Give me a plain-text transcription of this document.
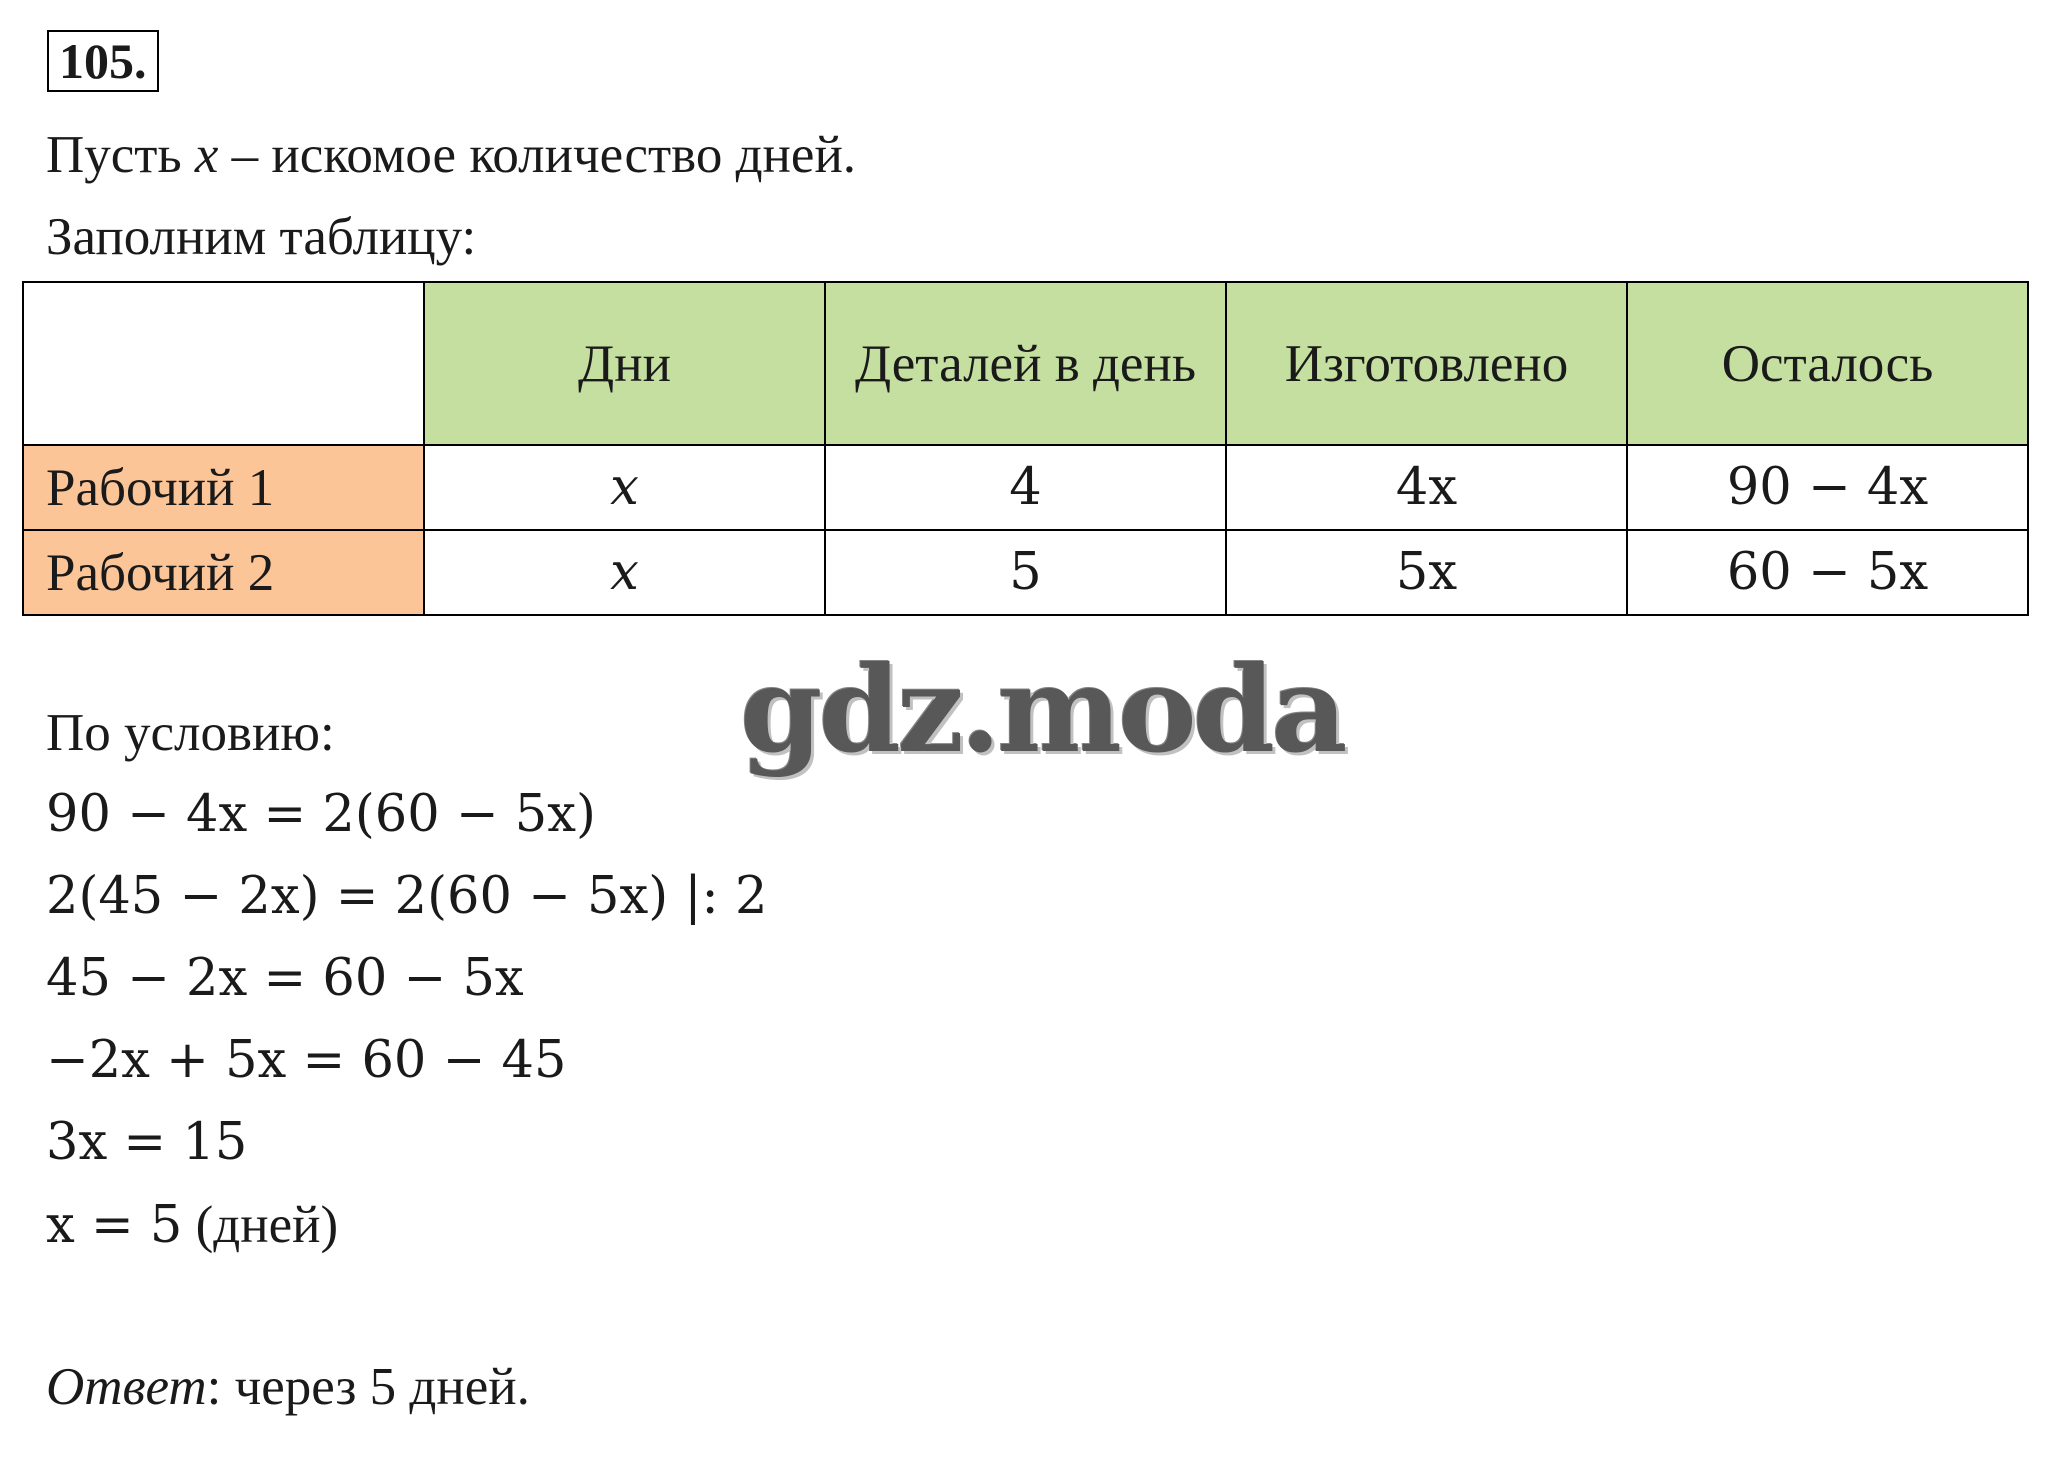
105.
Пусть x – искомое количество дней.
Заполним таблицу:
	Дни	Деталей в день	Изготовлено	Осталось
Рабочий 1	x	4	4x	90 − 4x
Рабочий 2	x	5	5x	60 − 5x
gdz.moda
По условию:
90 − 4x = 2(60 − 5x)
2(45 − 2x) = 2(60 − 5x) |: 2
45 − 2x = 60 − 5x
−2x + 5x = 60 − 45
3x = 15
x = 5 (дней)
Ответ: через 5 дней.
